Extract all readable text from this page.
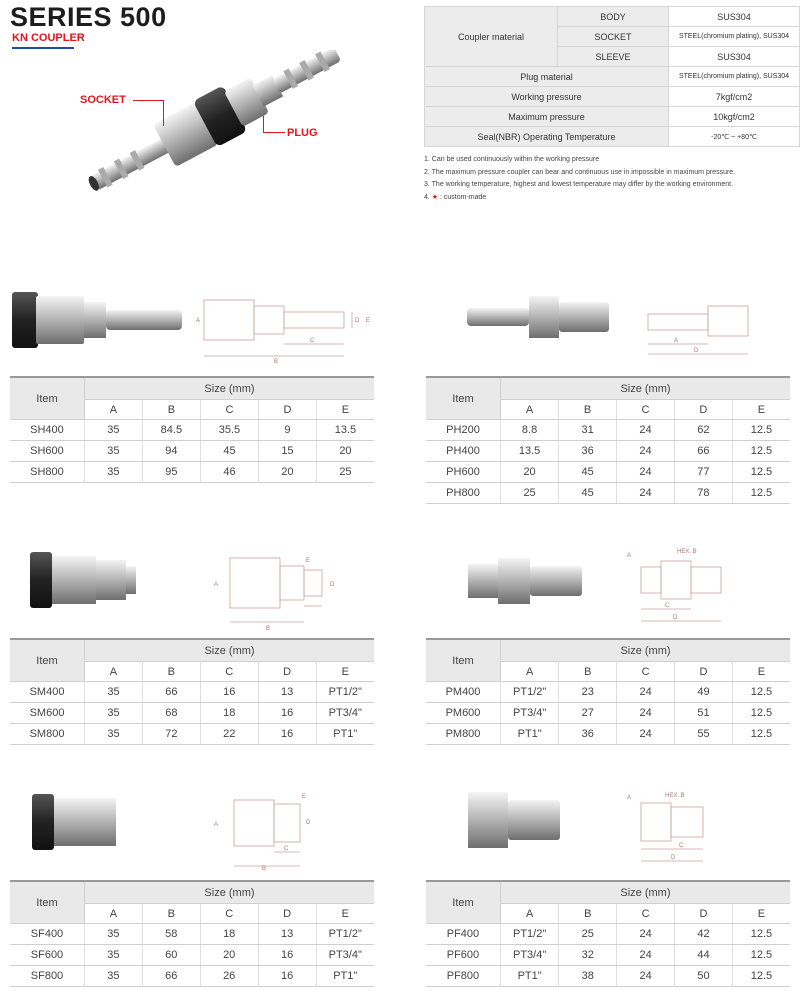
SERIES 500
KN COUPLER
SOCKET
PLUG
Coupler material	BODY	SUS304
	SOCKET	STEEL(chromium plating), SUS304
	SLEEVE	SUS304
Plug material		STEEL(chromium plating), SUS304
Working pressure		7kgf/cm2
Maximum pressure		10kgf/cm2
Seal(NBR) Operating Temperature		-20℃ ~ +80℃
1. Can be used continuously within the working pressure
2. The maximum pressure coupler can bear and continuous use in impossible in maximum pressure.
3. The working temperature, highest and lowest temperature may differ by the working environment.
4. ★ : custom-made
B
C
D E
A
A
D
A
B
D
E
A
HEX. B
C
D
A
B
C
D
E	A	HEX. B
C
D
Item	Size (mm)				
	A	B	C	D	E
SH400	35	84.5	35.5	9	13.5
SH600	35	94	45	15	20
SH800	35	95	46	20	25
Item	Size (mm)				
	A	B	C	D	E
PH200	8.8	31	24	62	12.5
PH400	13.5	36	24	66	12.5
PH600	20	45	24	77	12.5
PH800	25	45	24	78	12.5
Item	Size (mm)				
	A	B	C	D	E
SM400	35	66	16	13	PT1/2"
SM600	35	68	18	16	PT3/4"
SM800	35	72	22	16	PT1"
Item	Size (mm)				
	A	B	C	D	E
PM400	PT1/2"	23	24	49	12.5
PM600	PT3/4"	27	24	51	12.5
PM800	PT1"	36	24	55	12.5
Item	Size (mm)				
	A	B	C	D	E
SF400	35	58	18	13	PT1/2"
SF600	35	60	20	16	PT3/4"
SF800	35	66	26	16	PT1"
Item	Size (mm)				
	A	B	C	D	E
PF400	PT1/2"	25	24	42	12.5
PF600	PT3/4"	32	24	44	12.5
PF800	PT1"	38	24	50	12.5
